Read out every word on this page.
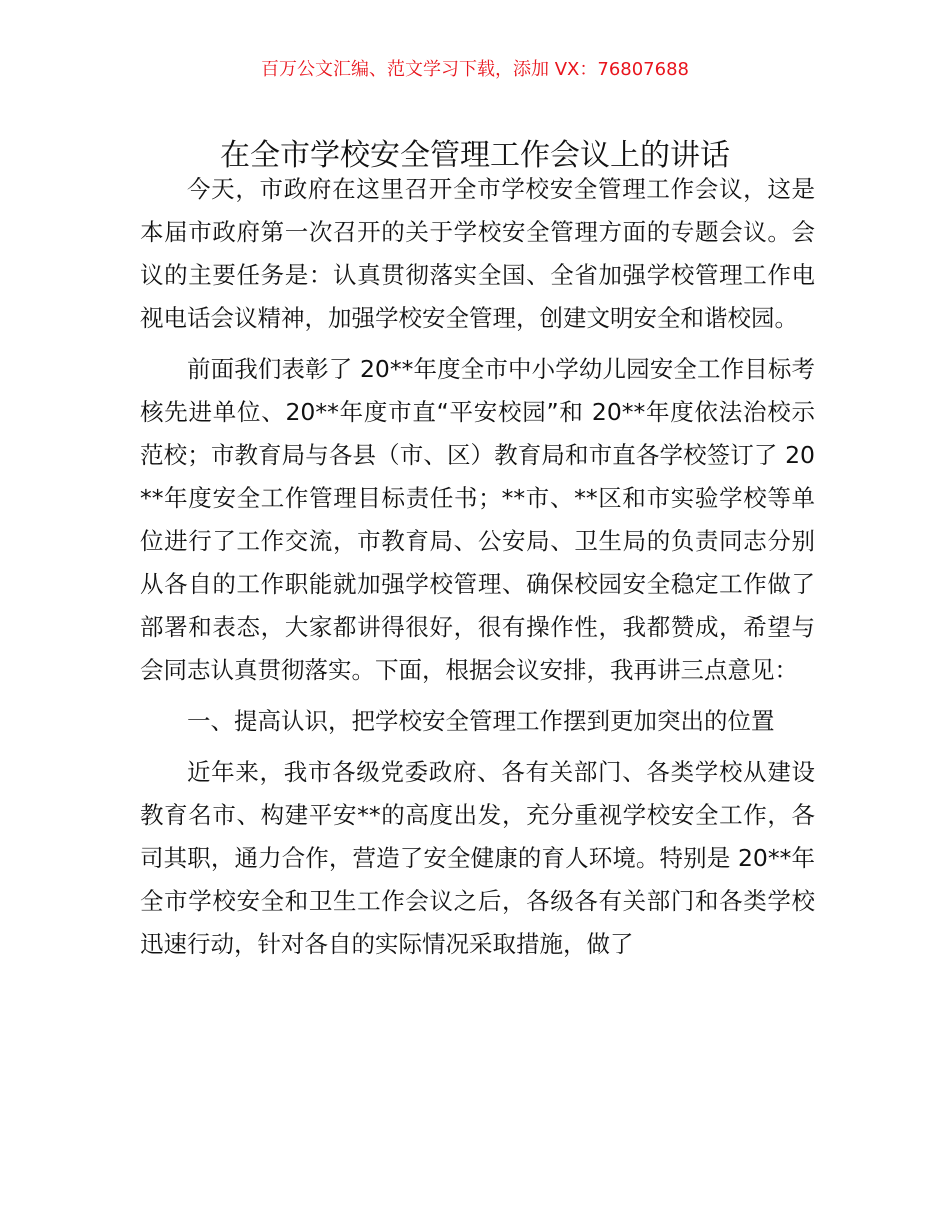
百万公文汇编、范文学习下载，添加 VX：76807688
在全市学校安全管理工作会议上的讲话

今天，市政府在这里召开全市学校安全管理工作会议，这是本届市政府第一次召开的关于学校安全管理方面的专题会议。会议的主要任务是：认真贯彻落实全国、全省加强学校管理工作电视电话会议精神，加强学校安全管理，创建文明安全和谐校园。

前面我们表彰了 20**年度全市中小学幼儿园安全工作目标考核先进单位、20**年度市直“平安校园”和 20**年度依法治校示范校；市教育局与各县（市、区）教育局和市直各学校签订了 20**年度安全工作管理目标责任书；**市、**区和市实验学校等单位进行了工作交流，市教育局、公安局、卫生局的负责同志分别从各自的工作职能就加强学校管理、确保校园安全稳定工作做了部署和表态，大家都讲得很好，很有操作性，我都赞成，希望与会同志认真贯彻落实。下面，根据会议安排，我再讲三点意见：

一、提高认识，把学校安全管理工作摆到更加突出的位置

近年来，我市各级党委政府、各有关部门、各类学校从建设教育名市、构建平安**的高度出发，充分重视学校安全工作，各司其职，通力合作，营造了安全健康的育人环境。特别是 20**年全市学校安全和卫生工作会议之后，各级各有关部门和各类学校迅速行动，针对各自的实际情况采取措施，做了
